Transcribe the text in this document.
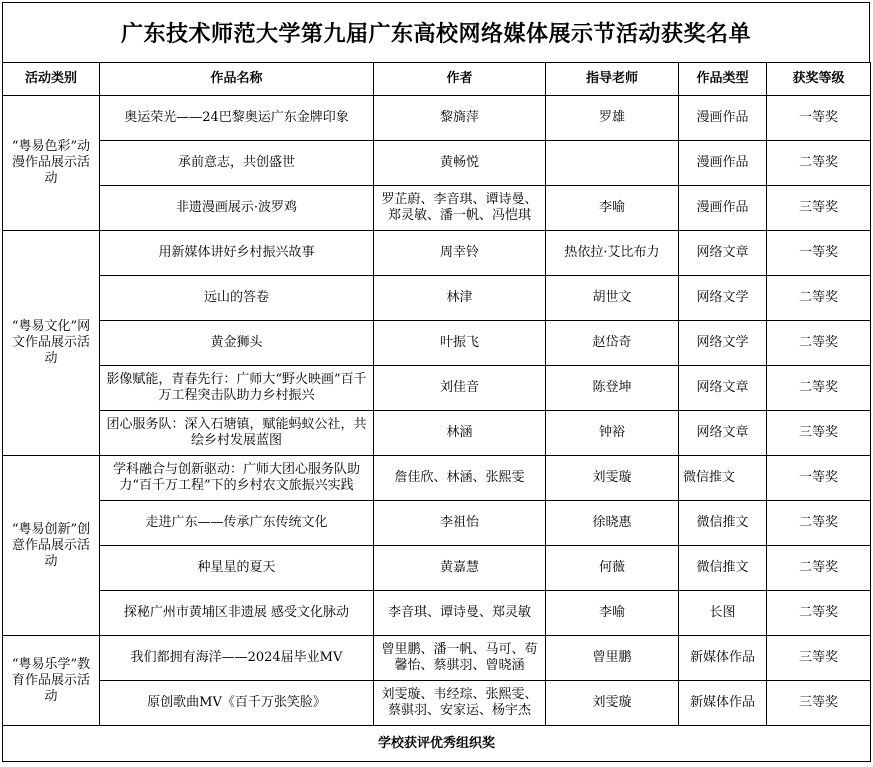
广东技术师范大学第九届广东高校网络媒体展示节活动获奖名单
活动类别	作品名称	作者	指导老师	作品类型	获奖等级
“粤易色彩”动漫作品展示活动	奥运荣光——24巴黎奥运广东金牌印象	黎旖萍	罗雄	漫画作品	一等奖
	承前意志，共创盛世	黄畅悦		漫画作品	二等奖
	非遗漫画展示·波罗鸡	罗芷蔚、李音琪、谭诗曼、郑灵敏、潘一帆、冯恺琪	李喻	漫画作品	三等奖
“粤易文化”网文作品展示活动	用新媒体讲好乡村振兴故事	周幸铃	热依拉·艾比布力	网络文章	一等奖
	远山的答卷	林津	胡世文	网络文学	二等奖
	黄金狮头	叶振飞	赵岱奇	网络文学	二等奖
	影像赋能，青春先行：广师大“野火映画”百千万工程突击队助力乡村振兴	刘佳音	陈登坤	网络文章	二等奖
	团心服务队：深入石塘镇，赋能蚂蚁公社，共绘乡村发展蓝图	林涵	钟裕	网络文章	三等奖
“粤易创新”创意作品展示活动	学科融合与创新驱动：广师大团心服务队助力“百千万工程”下的乡村农文旅振兴实践	詹佳欣、林涵、张熙雯	刘雯璇	微信推文	一等奖
	走进广东——传承广东传统文化	李祖怡	徐晓惠	微信推文	二等奖
	种星星的夏天	黄嘉慧	何薇	微信推文	二等奖
	探秘广州市黄埔区非遗展 感受文化脉动	李音琪、谭诗曼、郑灵敏	李喻	长图	二等奖
“粤易乐学”教育作品展示活动	我们都拥有海洋——2024届毕业MV	曾里鹏、潘一帆、马可、苟馨怡、蔡骐羽、曾晓涵	曾里鹏	新媒体作品	三等奖
	原创歌曲MV《百千万张笑脸》	刘雯璇、韦经琮、张熙雯、蔡骐羽、安家运、杨宇杰	刘雯璇	新媒体作品	三等奖
学校获评优秀组织奖					
